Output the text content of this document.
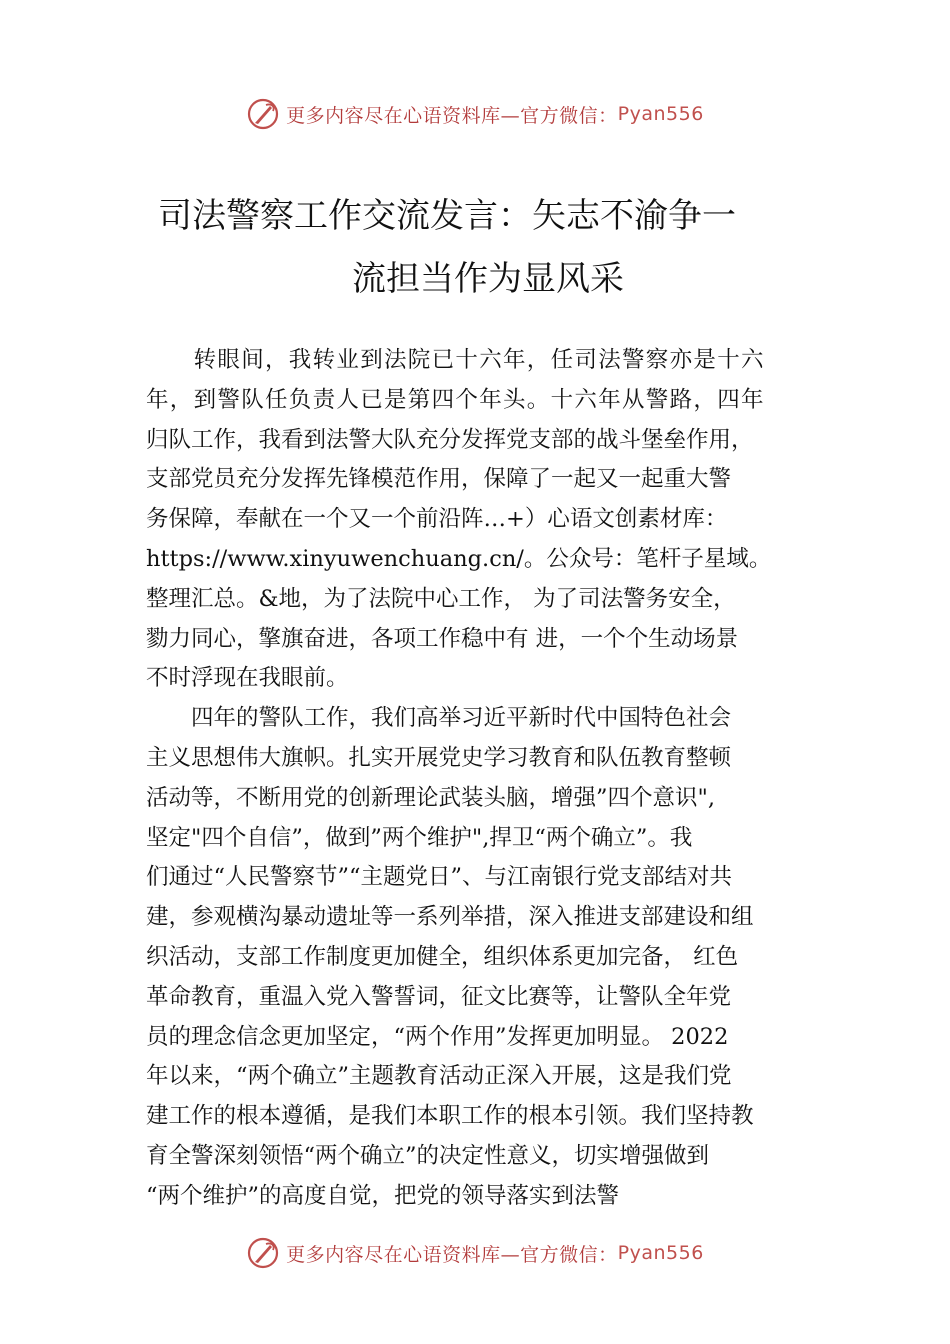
更多内容尽在心语资料库—官方微信： Pyan556
司法警察工作交流发言：矢志不渝争一
流担当作为显风采
　　转眼间，我转业到法院已十六年，任司法警察亦是十六
年，到警队任负责人已是第四个年头。十六年从警路，四年
归队工作，我看到法警大队充分发挥党支部的战斗堡垒作用，
支部党员充分发挥先锋模范作用，保障了一起又一起重大警
务保障，奉献在一个又一个前沿阵…+）心语文创素材库：
https://www.xinyuwenchuang.cn/。公众号：笔杆子星域。
整理汇总。&地，为了法院中心工作， 为了司法警务安全，
勠力同心，擎旗奋进，各项工作稳中有 进，一个个生动场景
不时浮现在我眼前。
　　四年的警队工作，我们高举习近平新时代中国特色社会
主义思想伟大旗帜。扎实开展党史学习教育和队伍教育整顿
活动等，不断用党的创新理论武装头脑，增强”四个意识",
坚定"四个自信”，做到”两个维护",捍卫“两个确立”。我
们通过“人民警察节”“主题党日”、与江南银行党支部结对共
建，参观横沟暴动遗址等一系列举措，深入推进支部建设和组
织活动，支部工作制度更加健全，组织体系更加完备， 红色
革命教育，重温入党入警誓词，征文比赛等，让警队全年党
员的理念信念更加坚定，“两个作用”发挥更加明显。 2022
年以来，“两个确立”主题教育活动正深入开展，这是我们党
建工作的根本遵循，是我们本职工作的根本引领。我们坚持教
育全警深刻领悟“两个确立”的决定性意义，切实增强做到
“两个维护”的高度自觉，把党的领导落实到法警
更多内容尽在心语资料库—官方微信： Pyan556
